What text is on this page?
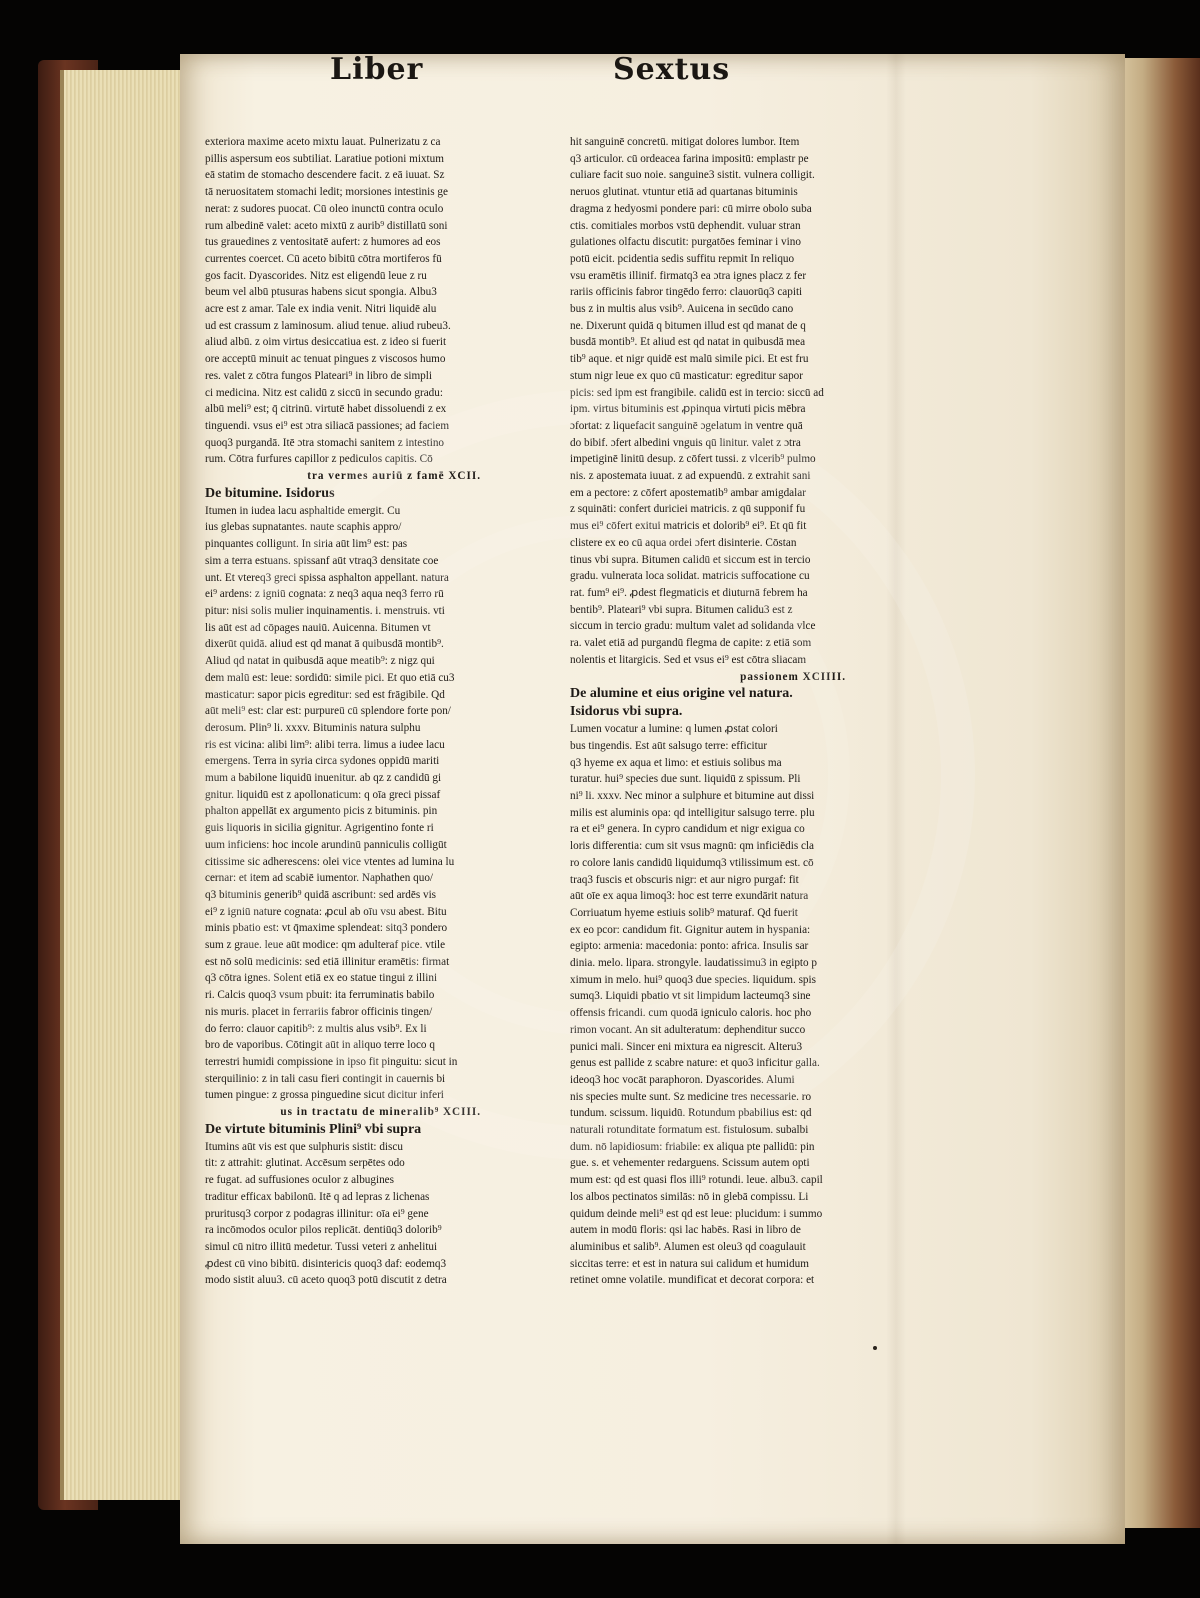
Liber	Sextus
exteriora maxime aceto mixtu lauat. Pulnerizatu z ca
pillis aspersum eos subtiliat. Laratiue potioni mixtum
eā statim de stomacho descendere facit. z eā iuuat. Sz
tā neruositatem stomachi ledit; morsiones intestinis ge
nerat: z sudores puocat. Cū oleo inunctū contra oculo
rum albedinē valet: aceto mixtū z aurib⁹ distillatū soni
tus grauedines z ventositatē aufert: z humores ad eos
currentes coercet. Cū aceto bibitū cōtra mortiferos fū
gos facit. Dyascorides. Nitz est eligendū leue z ru
beum vel albū ptusuras habens sicut spongia. Albu3
acre est z amar. Tale ex india venit. Nitri liquidē alu
ud est crassum z laminosum. aliud tenue. aliud rubeu3.
aliud albū. z oim virtus desiccatiua est. z ideo si fuerit
ore acceptū minuit ac tenuat pingues z viscosos humo
res. valet z cōtra fungos Plateari⁹ in libro de simpli
ci medicina. Nitz est calidū z siccū in secundo gradu:
albū meli⁹ est; q̄ citrinū. virtutē habet dissoluendi z ex
tinguendi. vsus ei⁹ est ɔtra siliacā passiones; ad faciem
quoq3 purgandā. Itē ɔtra stomachi sanitem z intestino
rum. Cōtra furfures capillor z pediculos capitis. Cō
tra vermes auriū z famē XCII.
De bitumine. Isidorus
Itumen in iudea lacu asphaltide emergit. Cu
ius glebas supnatantes. naute scaphis appro/
pinquantes colligunt. In siria aūt lim⁹ est: pas
sim a terra estuans. spissanf aūt vtraq3 densitate coe
unt. Et vtereq3 greci spissa asphalton appellant. natura
ei⁹ ardens: z igniū cognata: z neq3 aqua neq3 ferro rū
pitur: nisi solis mulier inquinamentis. i. menstruis. vti
lis aūt est ad cōpages nauiū. Auicenna. Bitumen vt
dixerūt quidā. aliud est qd manat ā quibusdā montib⁹.
Aliud qd natat in quibusdā aque meatib⁹: z nigz qui
dem malū est: leue: sordidū: simile pici. Et quo etiā cu3
masticatur: sapor picis egreditur: sed est frāgibile. Qd
aūt meli⁹ est: clar est: purpureū cū splendore forte pon/
derosum. Plin⁹ li. xxxv. Bituminis natura sulphu
ris est vicina: alibi lim⁹: alibi terra. limus a iudee lacu
emergens. Terra in syria circa sydones oppidū mariti
mum a babilone liquidū inuenitur. ab qz z candidū gi
gnitur. liquidū est z apollonaticum: q oīa greci pissaf
phalton appellāt ex argumento picis z bituminis. pin
guis liquoris in sicilia gignitur. Agrigentino fonte ri
uum inficiens: hoc incole arundinū panniculis colligūt
citissime sic adherescens: olei vice vtentes ad lumina lu
cernar: et item ad scabiē iumentor. Naphathen quo/
q3 bituminis generib⁹ quidā ascribunt: sed ardēs vis
ei⁹ z igniū nature cognata: ꝓcul ab oīu vsu abest. Bitu
minis pbatio est: vt q̄maxime splendeat: sitq3 pondero
sum z graue. leue aūt modice: qm adulteraf pice. vtile
est nō solū medicinis: sed etiā illinitur eramētis: firmat
q3 cōtra ignes. Solent etiā ex eo statue tingui z illini
ri. Calcis quoq3 vsum pbuit: ita ferruminatis babilo
nis muris. placet in ferrariis fabror officinis tingen/
do ferro: clauor capitib⁹: z multis alus vsib⁹. Ex li
bro de vaporibus. Cōtingit aūt in aliquo terre loco q
terrestri humidi compissione in ipso fit pinguitu: sicut in
sterquilinio: z in tali casu fieri contingit in cauernis bi
tumen pingue: z grossa pinguedine sicut dicitur inferi
us in tractatu de mineralib⁹ XCIII.
De virtute bituminis Plini⁹ vbi supra
Itumins aūt vis est que sulphuris sistit: discu
tit: z attrahit: glutinat. Accēsum serpētes odo
re fugat. ad suffusiones oculor z albugines
traditur efficax babilonū. Itē q ad lepras z lichenas
pruritusq3 corpor z podagras illinitur: oīa ei⁹ gene
ra incōmodos oculor pilos replicāt. dentiūq3 dolorib⁹
simul cū nitro illitū medetur. Tussi veteri z anhelitui
ꝓdest cū vino bibitū. disintericis quoq3 daf: eodemq3
modo sistit aluu3. cū aceto quoq3 potū discutit z detra
hit sanguinē concretū. mitigat dolores lumbor. Item
q3 articulor. cū ordeacea farina impositū: emplastr pe
culiare facit suo noie. sanguine3 sistit. vulnera colligit.
neruos glutinat. vtuntur etiā ad quartanas bituminis
dragma z hedyosmi pondere pari: cū mirre obolo suba
ctis. comitiales morbos vstū dephendit. vuluar stran
gulationes olfactu discutit: purgatōes feminar i vino
potū eicit. pcidentia sedis suffitu repmit In reliquo
vsu eramētis illinif. firmatq3 ea ɔtra ignes placz z fer
rariis officinis fabror tingēdo ferro: clauorūq3 capiti
bus z in multis alus vsib⁹. Auicena in secūdo cano
ne. Dixerunt quidā q bitumen illud est qd manat de q
busdā montib⁹. Et aliud est qd natat in quibusdā mea
tib⁹ aque. et nigr quidē est malū simile pici. Et est fru
stum nigr leue ex quo cū masticatur: egreditur sapor
picis: sed ipm est frangibile. calidū est in tercio: siccū ad
ipm. virtus bituminis est ꝓpinqua virtuti picis mēbra
ɔfortat: z liquefacit sanguinē ɔgelatum in ventre quā
do bibif. ɔfert albedini vnguis qū linitur. valet z ɔtra
impetiginē linitū desup. z cōfert tussi. z vlcerib⁹ pulmo
nis. z apostemata iuuat. z ad expuendū. z extrahit sani
em a pectore: z cōfert apostematib⁹ ambar amigdalar
z squināti: confert duriciei matricis. z qū supponif fu
mus ei⁹ cōfert exitui matricis et dolorib⁹ ei⁹. Et qū fit
clistere ex eo cū aqua ordei ɔfert disinterie. Cōstan
tinus vbi supra. Bitumen calidū et siccum est in tercio
gradu. vulnerata loca solidat. matricis suffocatione cu
rat. fum⁹ ei⁹. ꝓdest flegmaticis et diuturnā febrem ha
bentib⁹. Plateari⁹ vbi supra. Bitumen calidu3 est z
siccum in tercio gradu: multum valet ad solidanda vlce
ra. valet etiā ad purgandū flegma de capite: z etiā som
nolentis et litargicis. Sed et vsus ei⁹ est cōtra sliacam
passionem XCIIII.
De alumine et eius origine vel natura.
Isidorus vbi supra.
Lumen vocatur a lumine: q lumen ꝓstat colori
bus tingendis. Est aūt salsugo terre: efficitur
q3 hyeme ex aqua et limo: et estiuis solibus ma
turatur. hui⁹ species due sunt. liquidū z spissum. Pli
ni⁹ li. xxxv. Nec minor a sulphure et bitumine aut dissi
milis est aluminis opa: qd intelligitur salsugo terre. plu
ra et ei⁹ genera. In cypro candidum et nigr exigua co
loris differentia: cum sit vsus magnū: qm inficiēdis cla
ro colore lanis candidū liquidumq3 vtilissimum est. cō
traq3 fuscis et obscuris nigr: et aur nigro purgaf: fit
aūt oīe ex aqua limoq3: hoc est terre exundārit natura
Corriuatum hyeme estiuis solib⁹ maturaf. Qd fuerit
ex eo pcor: candidum fit. Gignitur autem in hyspania:
egipto: armenia: macedonia: ponto: africa. Insulis sar
dinia. melo. lipara. strongyle. laudatissimu3 in egipto p
ximum in melo. hui⁹ quoq3 due species. liquidum. spis
sumq3. Liquidi pbatio vt sit limpidum lacteumq3 sine
offensis fricandi. cum quodā igniculo caloris. hoc pho
rimon vocant. An sit adulteratum: dephenditur succo
punici mali. Sincer eni mixtura ea nigrescit. Alteru3
genus est pallide z scabre nature: et quo3 inficitur galla.
ideoq3 hoc vocāt paraphoron. Dyascorides. Alumi
nis species multe sunt. Sz medicine tres necessarie. ro
tundum. scissum. liquidū. Rotundum pbabilius est: qd
naturali rotunditate formatum est. fistulosum. subalbi
dum. nō lapidiosum: friabile: ex aliqua pte pallidū: pin
gue. s. et vehementer redarguens. Scissum autem opti
mum est: qd est quasi flos illi⁹ rotundi. leue. albu3. capil
los albos pectinatos similās: nō in glebā compissu. Li
quidum deinde meli⁹ est qd est leue: plucidum: i summo
autem in modū floris: qsi lac habēs. Rasi in libro de
aluminibus et salib⁹. Alumen est oleu3 qd coagulauit
siccitas terre: et est in natura sui calidum et humidum
retinet omne volatile. mundificat et decorat corpora: et
